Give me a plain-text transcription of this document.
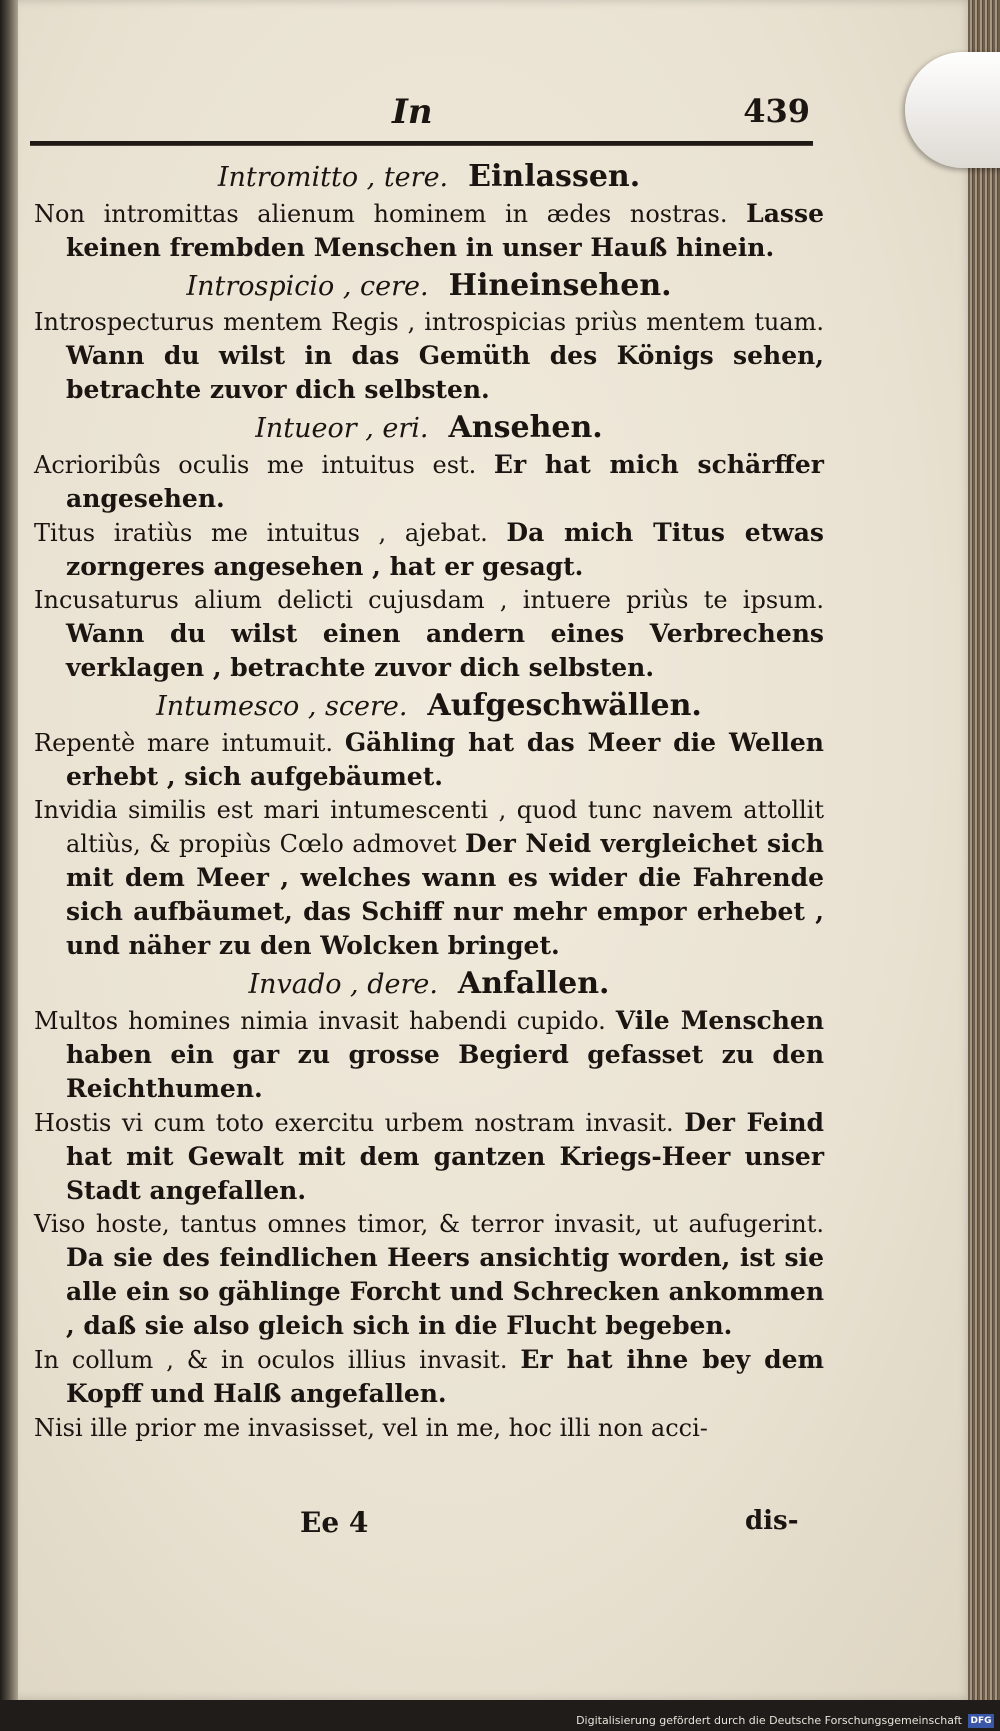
In	439

Intromitto , tere. Einlassen.

Non intromittas alienum hominem in ædes nostras. Lasse keinen frembden Menschen in unser Hauß hinein.

Introspicio , cere. Hineinsehen.

Introspecturus mentem Regis , introspicias priùs mentem tuam. Wann du wilst in das Gemüth des Königs sehen, betrachte zuvor dich selbsten.

Intueor , eri. Ansehen.

Acrioribûs oculis me intuitus est. Er hat mich schärffer angesehen.

Titus iratiùs me intuitus , ajebat. Da mich Titus etwas zorngeres angesehen , hat er gesagt.

Incusaturus alium delicti cujusdam , intuere priùs te ipsum. Wann du wilst einen andern eines Verbrechens verklagen , betrachte zuvor dich selbsten.

Intumesco , scere. Aufgeschwällen.

Repentè mare intumuit. Gähling hat das Meer die Wellen erhebt , sich aufgebäumet.

Invidia similis est mari intumescenti , quod tunc navem attollit altiùs, & propiùs Cœlo admovet Der Neid vergleichet sich mit dem Meer , welches wann es wider die Fahrende sich aufbäumet, das Schiff nur mehr empor erhebet , und näher zu den Wolcken bringet.

Invado , dere. Anfallen.

Multos homines nimia invasit habendi cupido. Vile Menschen haben ein gar zu grosse Begierd gefasset zu den Reichthumen.

Hostis vi cum toto exercitu urbem nostram invasit. Der Feind hat mit Gewalt mit dem gantzen Kriegs-Heer unser Stadt angefallen.

Viso hoste, tantus omnes timor, & terror invasit, ut aufugerint. Da sie des feindlichen Heers ansichtig worden, ist sie alle ein so gählinge Forcht und Schrecken ankommen , daß sie also gleich sich in die Flucht begeben.

In collum , & in oculos illius invasit. Er hat ihne bey dem Kopff und Halß angefallen.

Nisi ille prior me invasisset, vel in me, hoc illi non acci-

Ee 4	dis-
Digitalisierung gefördert durch die Deutsche Forschungsgemeinschaft DFG
